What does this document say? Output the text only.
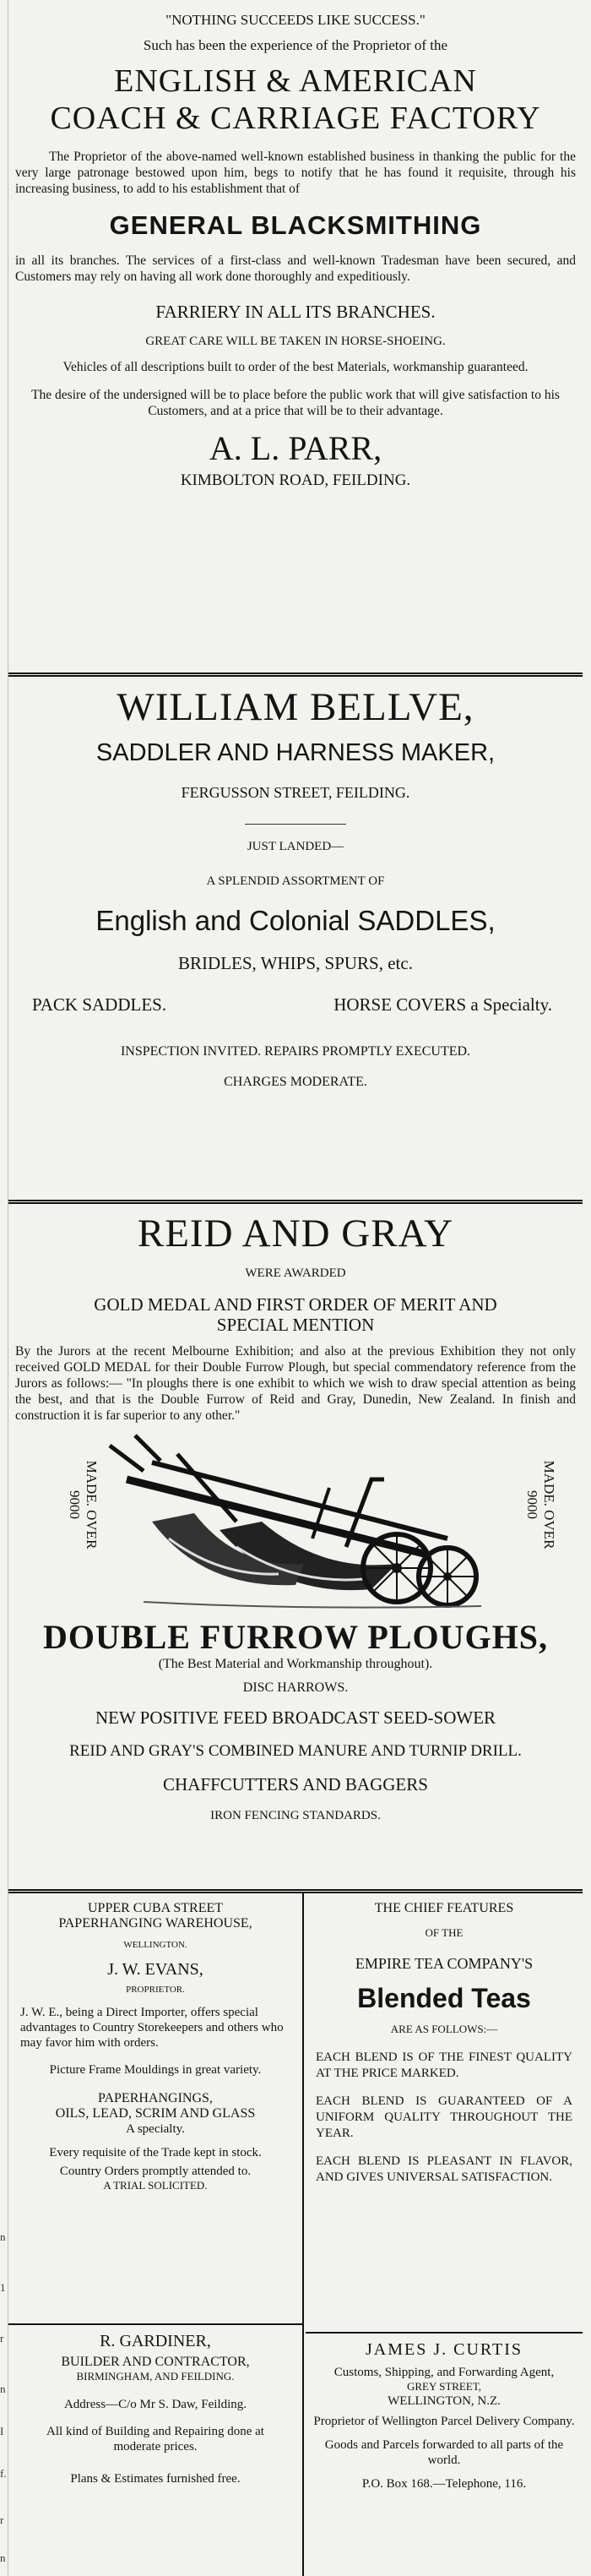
n
1
r
n
I
f.
r
n
"NOTHING SUCCEEDS LIKE SUCCESS."
Such has been the experience of the Proprietor of the
ENGLISH & AMERICAN
COACH & CARRIAGE FACTORY

The Proprietor of the above-named well-known established business in thanking the public for the very large patronage bestowed upon him, begs to notify that he has found it requisite, through his increasing business, to add to his establishment that of

GENERAL BLACKSMITHING

in all its branches. The services of a first-class and well-known Tradesman have been secured, and Customers may rely on having all work done thoroughly and expeditiously.

FARRIERY IN ALL ITS BRANCHES.
GREAT CARE WILL BE TAKEN IN HORSE-SHOEING.

Vehicles of all descriptions built to order of the best Materials, workmanship guaranteed.

The desire of the undersigned will be to place before the public work that will give satisfaction to his Customers, and at a price that will be to their advantage.

A. L. PARR,
KIMBOLTON ROAD, FEILDING.
WILLIAM BELLVE,
SADDLER AND HARNESS MAKER,
FERGUSSON STREET, FEILDING.
JUST LANDED—
A SPLENDID ASSORTMENT OF
English and Colonial SADDLES,
BRIDLES, WHIPS, SPURS, etc.
PACK SADDLES.	HORSE COVERS a Specialty.
INSPECTION INVITED. REPAIRS PROMPTLY EXECUTED.
CHARGES MODERATE.
REID AND GRAY
WERE AWARDED
GOLD MEDAL AND FIRST ORDER OF MERIT AND
SPECIAL MENTION

By the Jurors at the recent Melbourne Exhibition; and also at the previous Exhibition they not only received GOLD MEDAL for their Double Furrow Plough, but special commendatory reference from the Jurors as follows:— "In ploughs there is one exhibit to which we wish to draw special attention as being the best, and that is the Double Furrow of Reid and Gray, Dunedin, New Zealand. In finish and construction it is far superior to any other."

MADE. OVER 9000	MADE. OVER 9000
DOUBLE FURROW PLOUGHS,
(The Best Material and Workmanship throughout).
DISC HARROWS.
NEW POSITIVE FEED BROADCAST SEED-SOWER
REID AND GRAY'S COMBINED MANURE AND TURNIP DRILL.
CHAFFCUTTERS AND BAGGERS
IRON FENCING STANDARDS.
UPPER CUBA STREET
PAPERHANGING WAREHOUSE,
WELLINGTON.
J. W. EVANS,
PROPRIETOR.

J. W. E., being a Direct Importer, offers special advantages to Country Storekeepers and others who may favor him with orders.

Picture Frame Mouldings in great variety.

PAPERHANGINGS,
OILS, LEAD, SCRIM AND GLASS
A specialty.

Every requisite of the Trade kept in stock.

Country Orders promptly attended to.
A TRIAL SOLICITED.
R. GARDINER,
BUILDER AND CONTRACTOR,
BIRMINGHAM, AND FEILDING.
Address—C/o Mr S. Daw, Feilding.

All kind of Building and Repairing done at moderate prices.

Plans & Estimates furnished free.
THE CHIEF FEATURES
OF THE
EMPIRE TEA COMPANY'S
Blended Teas
ARE AS FOLLOWS:—

EACH BLEND IS OF THE FINEST QUALITY AT THE PRICE MARKED.

EACH BLEND IS GUARANTEED OF A UNIFORM QUALITY THROUGHOUT THE YEAR.

EACH BLEND IS PLEASANT IN FLAVOR, AND GIVES UNIVERSAL SATISFACTION.

JAMES J. CURTIS

Customs, Shipping, and Forwarding Agent,

GREY STREET,
WELLINGTON, N.Z.

Proprietor of Wellington Parcel Delivery Company.

Goods and Parcels forwarded to all parts of the world.

P.O. Box 168.—Telephone, 116.
